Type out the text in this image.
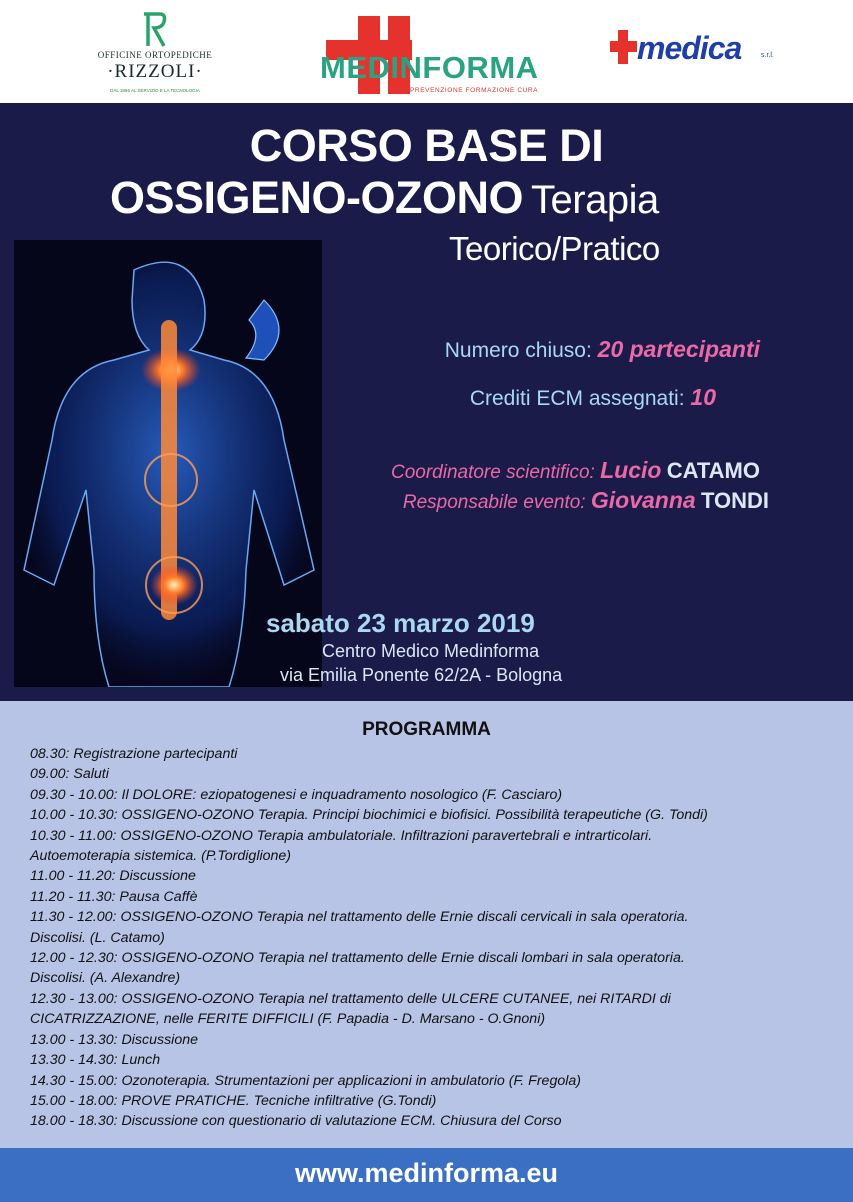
OFFICINE ORTOPEDICHE
·RIZZOLI·
DAL 1896 AL SERVIZIO E LA TECNOLOGIA
MEDINFORMA
PREVENZIONE FORMAZIONE CURA
medica	s.r.l.
CORSO BASE DI
OSSIGENO-OZONO Terapia
Teorico/Pratico
Numero chiuso: 20 partecipanti
Crediti ECM assegnati: 10
Coordinatore scientifico: Lucio CATAMO
Responsabile evento: Giovanna TONDI
sabato 23 marzo 2019
Centro Medico Medinforma
via Emilia Ponente 62/2A - Bologna
PROGRAMMA
08.30: Registrazione partecipanti
09.00: Saluti
09.30 - 10.00: Il DOLORE: eziopatogenesi e inquadramento nosologico (F. Casciaro)
10.00 - 10.30: OSSIGENO-OZONO Terapia. Principi biochimici e biofisici. Possibilità terapeutiche (G. Tondi)
10.30 - 11.00: OSSIGENO-OZONO Terapia ambulatoriale. Infiltrazioni paravertebrali e intrarticolari.
Autoemoterapia sistemica. (P.Tordiglione)
11.00 - 11.20: Discussione
11.20 - 11.30: Pausa Caffè
11.30 - 12.00: OSSIGENO-OZONO Terapia nel trattamento delle Ernie discali cervicali in sala operatoria.
Discolisi. (L. Catamo)
12.00 - 12.30: OSSIGENO-OZONO Terapia nel trattamento delle Ernie discali lombari in sala operatoria.
Discolisi. (A. Alexandre)
12.30 - 13.00: OSSIGENO-OZONO Terapia nel trattamento delle ULCERE CUTANEE, nei RITARDI di
CICATRIZZAZIONE, nelle FERITE DIFFICILI (F. Papadia - D. Marsano - O.Gnoni)
13.00 - 13.30: Discussione
13.30 - 14.30: Lunch
14.30 - 15.00: Ozonoterapia. Strumentazioni per applicazioni in ambulatorio (F. Fregola)
15.00 - 18.00: PROVE PRATICHE. Tecniche infiltrative (G.Tondi)
18.00 - 18.30: Discussione con questionario di valutazione ECM. Chiusura del Corso
www.medinforma.eu
